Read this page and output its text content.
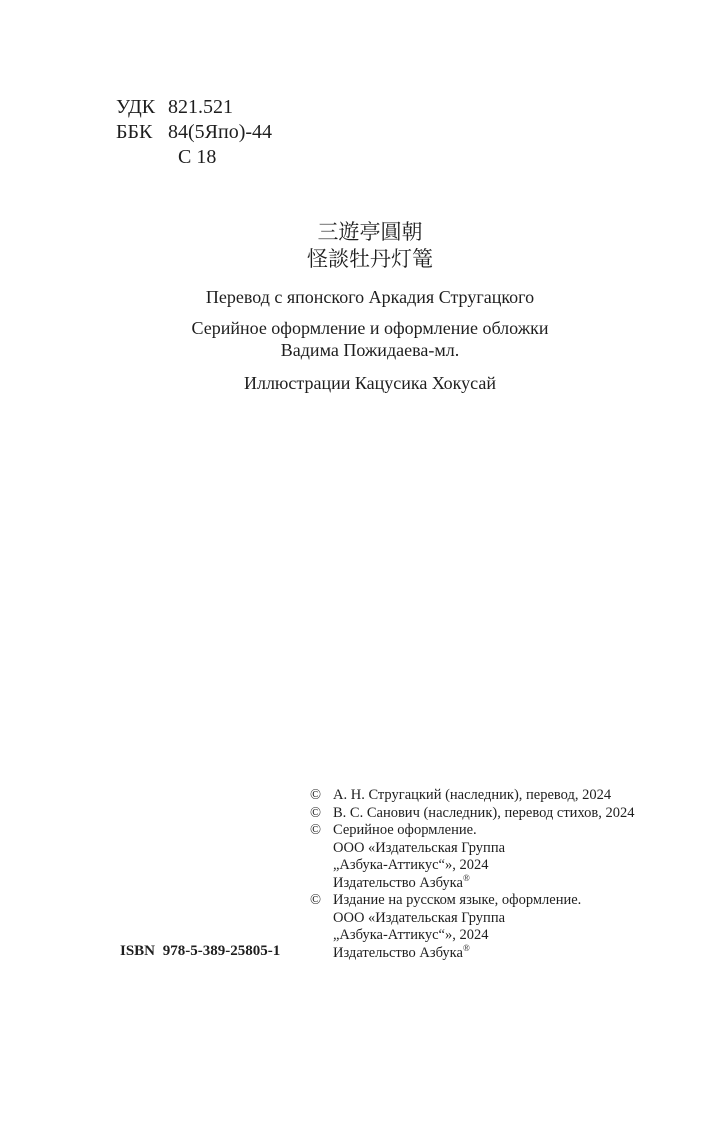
УДК 821.521
ББК 84(5Япо)-44
С 18
三遊亭圓朝
怪談牡丹灯篭

Перевод с японского Аркадия Стругацкого

Серийное оформление и оформление обложки
Вадима Пожидаева-мл.

Иллюстрации Кацусика Хокусай

© А. Н. Стругацкий (наследник), перевод, 2024
© В. С. Санович (наследник), перевод стихов, 2024
© Серийное оформление.
ООО «Издательская Группа
„Азбука-Аттикус“», 2024
Издательство Азбука®
© Издание на русском языке, оформление.
ООО «Издательская Группа
„Азбука-Аттикус“», 2024
Издательство Азбука®
ISBN 978-5-389-25805-1
